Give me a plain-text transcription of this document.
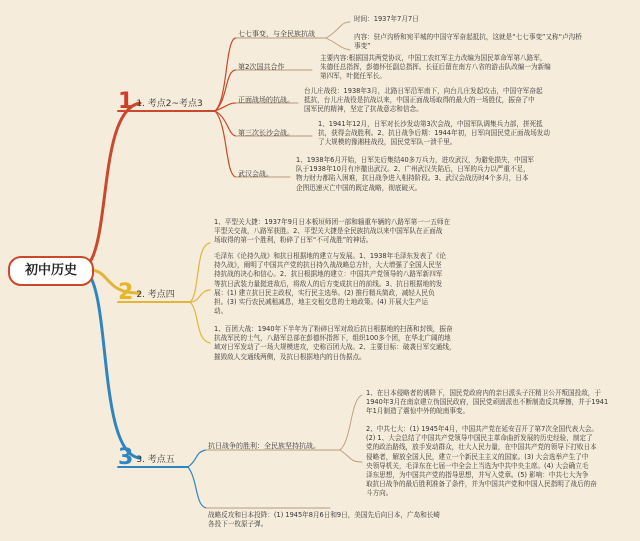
初中历史
1 1. 考点2~考点3
2 2. 考点四
3 3. 考点五
七七事变，与全民族抗战
时间：1937年7月7日
内容：驻卢沟桥和宛平城的中国守军奋起抵抗，这就是“七七事变”又称“卢沟桥
事变”
第2次国共合作
主要内容:根据国共两党协议，中国工农红军主力改编为国民革命军第八路军，
朱德任总指挥，彭德怀任副总指挥。长征后留在南方八省的游击队改编一为新编
第四军，叶挺任军长。
正面战场的抗战。
台儿庄战役：1938年3月，北路日军沿军南下，向台儿庄发起攻击，中国守军奋起
抵抗，台儿庄战役是抗战以来，中国正面战场取得的最大的一场胜仗，振奋了中
国军民的精神，坚定了抗战意志和信念。
第三次长沙会战。
1、1941年12月，日军对长沙发动第3次会战，中国军队调集兵力部，拼死抵
抗，获得会战胜利。2、抗日战争后期：1944年初，日军向国民党正面战场发动
了大规模的豫湘桂战役，国民党军队一溃千里。
武汉会战。
1、1938年6月开始，日军先后集结40多万兵力，进攻武汉，为避免损失，中国军
队于1938年10月有序撤出武汉。2、广州武汉失陷后，日军的兵力以严重不足，
物力财力都陷入困难，抗日战争进入相持阶段。3、武汉会战历时4个多月，日本
企图迅速灭亡中国的既定战略，彻底破灭。
1、平型关大捷：1937年9月日本板垣师团一部和辎重车辆的八路军第一一五师在
平型关交战，八路军获胜。2、平型关大捷是全民族抗战以来中国军队在正面战
场取得的第一个胜利，粉碎了日军“不可战胜”的神话。
毛泽东《论持久战》和抗日根据地的建立与发展。1、1938年毛泽东发表了《论
持久战》，阐明了中国共产党的抗日持久战战略总方针，大大增强了全国人民坚
持抗战的决心和信心。2、抗日根据地的建立：中国共产党领导的八路军新四军
等抗日武装力量挺进敌后，将敌人的后方变成抗日的前线。3、抗日根据地的发
展：(1) 建立抗日民主政权，实行民主选举。(2) 推行精兵简政，减轻人民负
担。(3) 实行农民减租减息，地主交租交息的土地政策。(4) 开展大生产运
动。
1、百团大战：1940年下半年为了粉碎日军对敌后抗日根据地的扫荡和封锁，振奋
抗战军民的士气，八路军总部在彭德怀指挥下，组织100多个团，在华北广阔的地
域对日军发动了一场大规模进攻，史称百团大战。2、主要目标：破袭日军交通线，
摧毁敌人交通线两侧，及抗日根据地内的日伪据点。
抗日战争的胜利：全民族坚持抗战。
1、在日本侵略者的诱降下，国民党政府内的亲日派头子汪精卫公开叛国投敌，于
1940年3月在南京建立伪国民政府，国民党顽固派也不断制造反共摩擦，并于1941
年1月制造了震惊中外的皖南事变。
2、中共七大：(1) 1945年4月，中国共产党在延安召开了第7次全国代表大会。
(2) 1、大会总结了中国共产党领导中国民主革命曲折发展的历史经验，制定了
党的政治路线，放手发动群众，壮大人民力量，在中国共产党的领导下打败日本
侵略者，解放全国人民，建立一个新民主主义的国家。(3) 大会选举产生了中
央领导机关，毛泽东在七届一中全会上当选为中共中央主席。(4) 大会确立毛
泽东思想，为中国共产党的指导思想，并写入党章。(5) 影响：中共七大为争
取抗日战争的最后胜利准备了条件，并为中国共产党和中国人民指明了战后的奋
斗方向。
战略反攻和日本投降：(1) 1945年8月6日和9日，美国先后向日本，广岛和长崎
各投下一枚原子弹。
